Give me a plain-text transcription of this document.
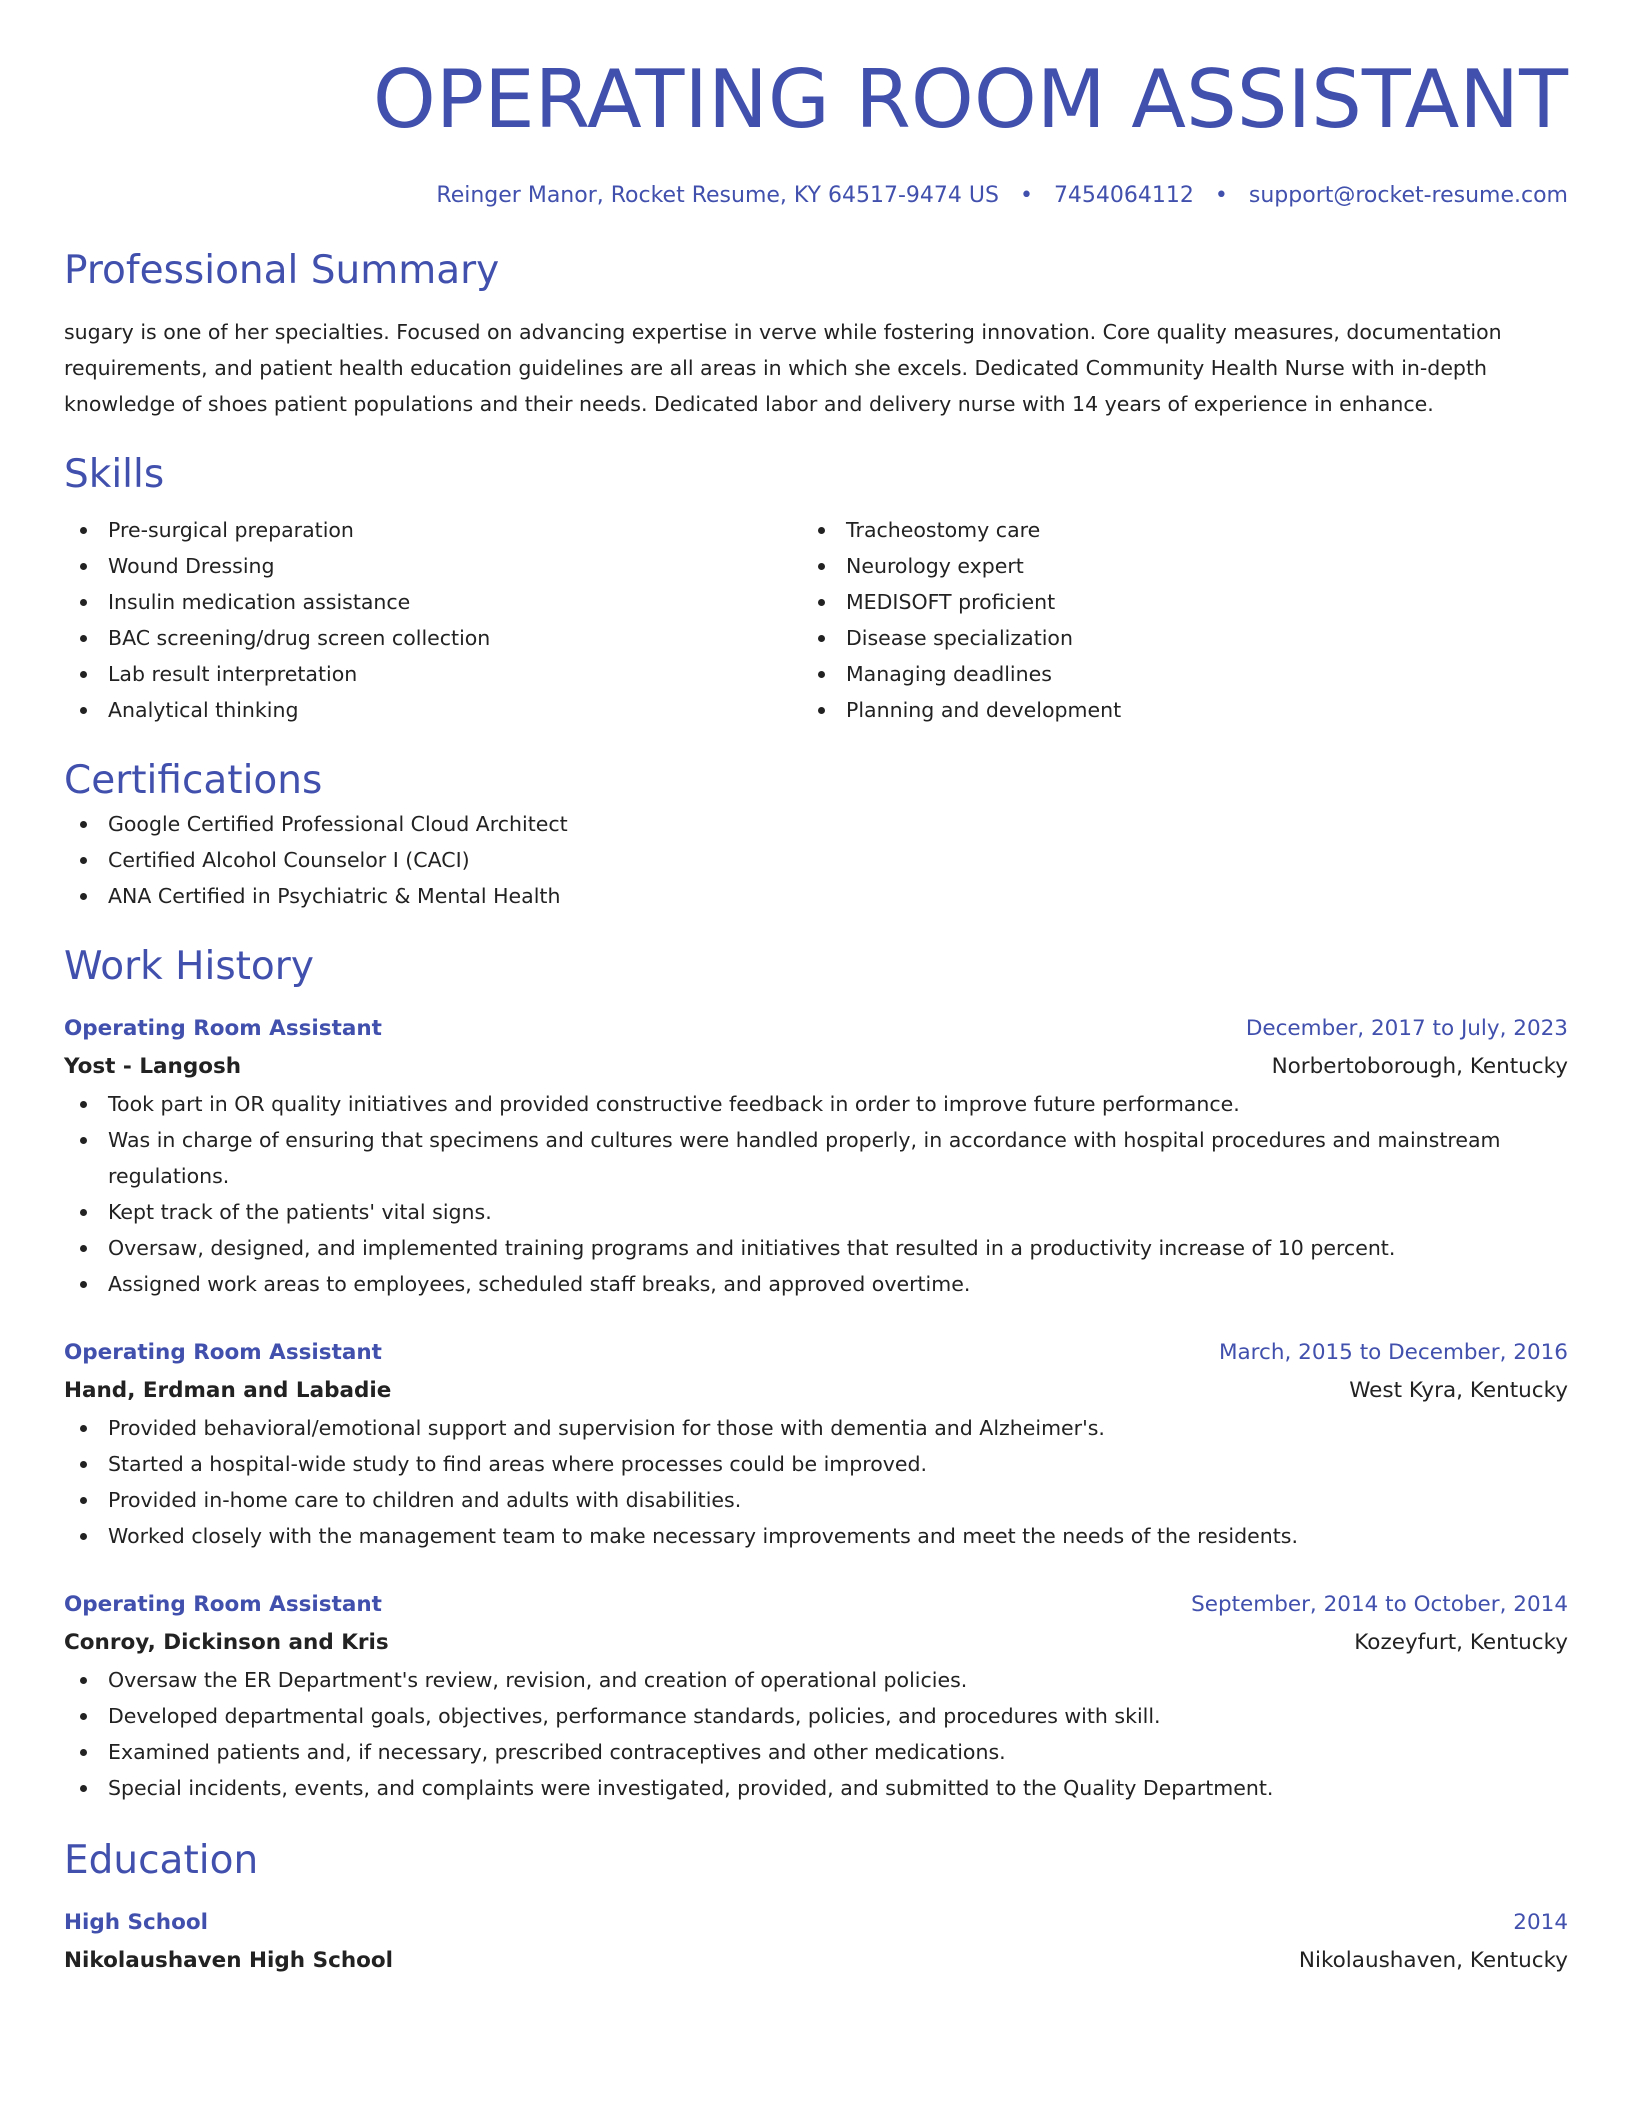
OPERATING ROOM ASSISTANT
Reinger Manor, Rocket Resume, KY 64517-9474 US • 7454064112 • support@rocket-resume.com
Professional Summary
sugary is one of her specialties. Focused on advancing expertise in verve while fostering innovation. Core quality measures, documentation requirements, and patient health education guidelines are all areas in which she excels. Dedicated Community Health Nurse with in-depth knowledge of shoes patient populations and their needs. Dedicated labor and delivery nurse with 14 years of experience in enhance.
Skills
Pre-surgical preparation
Wound Dressing
Insulin medication assistance
BAC screening/drug screen collection
Lab result interpretation
Analytical thinking
Tracheostomy care
Neurology expert
MEDISOFT proficient
Disease specialization
Managing deadlines
Planning and development
Certifications
Google Certified Professional Cloud Architect
Certified Alcohol Counselor I (CACI)
ANA Certified in Psychiatric & Mental Health
Work History
Operating Room Assistant	December, 2017 to July, 2023
Yost - Langosh	Norbertoborough, Kentucky
Took part in OR quality initiatives and provided constructive feedback in order to improve future performance.
Was in charge of ensuring that specimens and cultures were handled properly, in accordance with hospital procedures and mainstream regulations.
Kept track of the patients' vital signs.
Oversaw, designed, and implemented training programs and initiatives that resulted in a productivity increase of 10 percent.
Assigned work areas to employees, scheduled staff breaks, and approved overtime.
Operating Room Assistant	March, 2015 to December, 2016
Hand, Erdman and Labadie	West Kyra, Kentucky
Provided behavioral/emotional support and supervision for those with dementia and Alzheimer's.
Started a hospital-wide study to find areas where processes could be improved.
Provided in-home care to children and adults with disabilities.
Worked closely with the management team to make necessary improvements and meet the needs of the residents.
Operating Room Assistant	September, 2014 to October, 2014
Conroy, Dickinson and Kris	Kozeyfurt, Kentucky
Oversaw the ER Department's review, revision, and creation of operational policies.
Developed departmental goals, objectives, performance standards, policies, and procedures with skill.
Examined patients and, if necessary, prescribed contraceptives and other medications.
Special incidents, events, and complaints were investigated, provided, and submitted to the Quality Department.
Education
High School	2014
Nikolaushaven High School	Nikolaushaven, Kentucky
